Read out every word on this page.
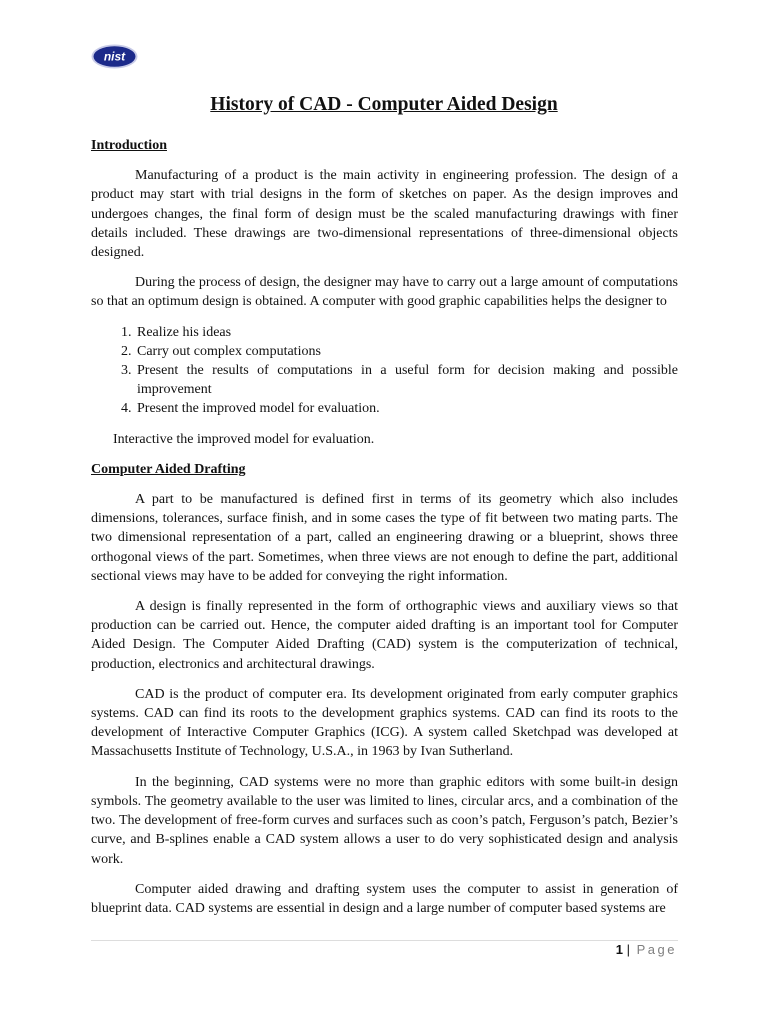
nist
History of CAD - Computer Aided Design
Introduction

Manufacturing of a product is the main activity in engineering profession. The design of a product may start with trial designs in the form of sketches on paper. As the design improves and undergoes changes, the final form of design must be the scaled manufacturing drawings with finer details included. These drawings are two-dimensional representations of three-dimensional objects designed.

During the process of design, the designer may have to carry out a large amount of computations so that an optimum design is obtained. A computer with good graphic capabilities helps the designer to

1. Realize his ideas
2. Carry out complex computations
3. Present the results of computations in a useful form for decision making and possible improvement
4. Present the improved model for evaluation.

Interactive the improved model for evaluation.

Computer Aided Drafting

A part to be manufactured is defined first in terms of its geometry which also includes dimensions, tolerances, surface finish, and in some cases the type of fit between two mating parts. The two dimensional representation of a part, called an engineering drawing or a blueprint, shows three orthogonal views of the part. Sometimes, when three views are not enough to define the part, additional sectional views may have to be added for conveying the right information.

A design is finally represented in the form of orthographic views and auxiliary views so that production can be carried out. Hence, the computer aided drafting is an important tool for Computer Aided Design. The Computer Aided Drafting (CAD) system is the computerization of technical, production, electronics and architectural drawings.

CAD is the product of computer era. Its development originated from early computer graphics systems. CAD can find its roots to the development graphics systems. CAD can find its roots to the development of Interactive Computer Graphics (ICG). A system called Sketchpad was developed at Massachusetts Institute of Technology, U.S.A., in 1963 by Ivan Sutherland.

In the beginning, CAD systems were no more than graphic editors with some built-in design symbols. The geometry available to the user was limited to lines, circular arcs, and a combination of the two. The development of free-form curves and surfaces such as coon’s patch, Ferguson’s patch, Bezier’s curve, and B-splines enable a CAD system allows a user to do very sophisticated design and analysis work.

Computer aided drawing and drafting system uses the computer to assist in generation of blueprint data. CAD systems are essential in design and a large number of computer based systems are

1 | Page
